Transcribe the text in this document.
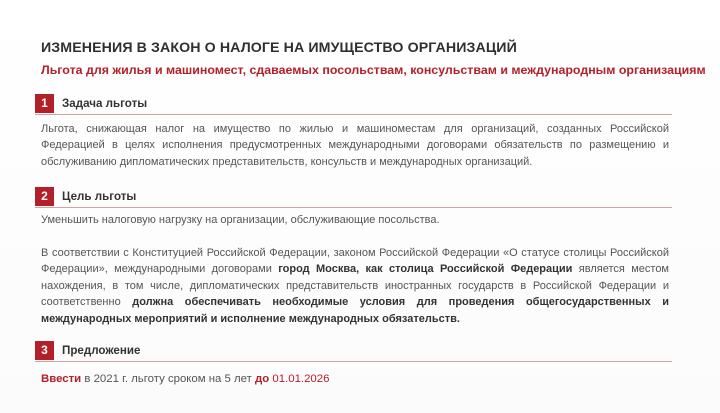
ИЗМЕНЕНИЯ В ЗАКОН О НАЛОГЕ НА ИМУЩЕСТВО ОРГАНИЗАЦИЙ
Льгота для жилья и машиномест, сдаваемых посольствам, консульствам и международным организациям
1	Задача льготы
Льгота, снижающая налог на имущество по жилью и машиноместам для организаций, созданных Российской Федерацией в целях исполнения предусмотренных международными договорами обязательств по размещению и обслуживанию дипломатических представительств, консульств и международных организаций.
2	Цель льготы
Уменьшить налоговую нагрузку на организации, обслуживающие посольства.
В соответствии с Конституцией Российской Федерации, законом Российской Федерации «О статусе столицы Российской Федерации», международными договорами город Москва, как столица Российской Федерации является местом нахождения, в том числе, дипломатических представительств иностранных государств в Российской Федерации и соответственно должна обеспечивать необходимые условия для проведения общегосударственных и международных мероприятий и исполнение международных обязательств.
3	Предложение
Ввести в 2021 г. льготу сроком на 5 лет до 01.01.2026
